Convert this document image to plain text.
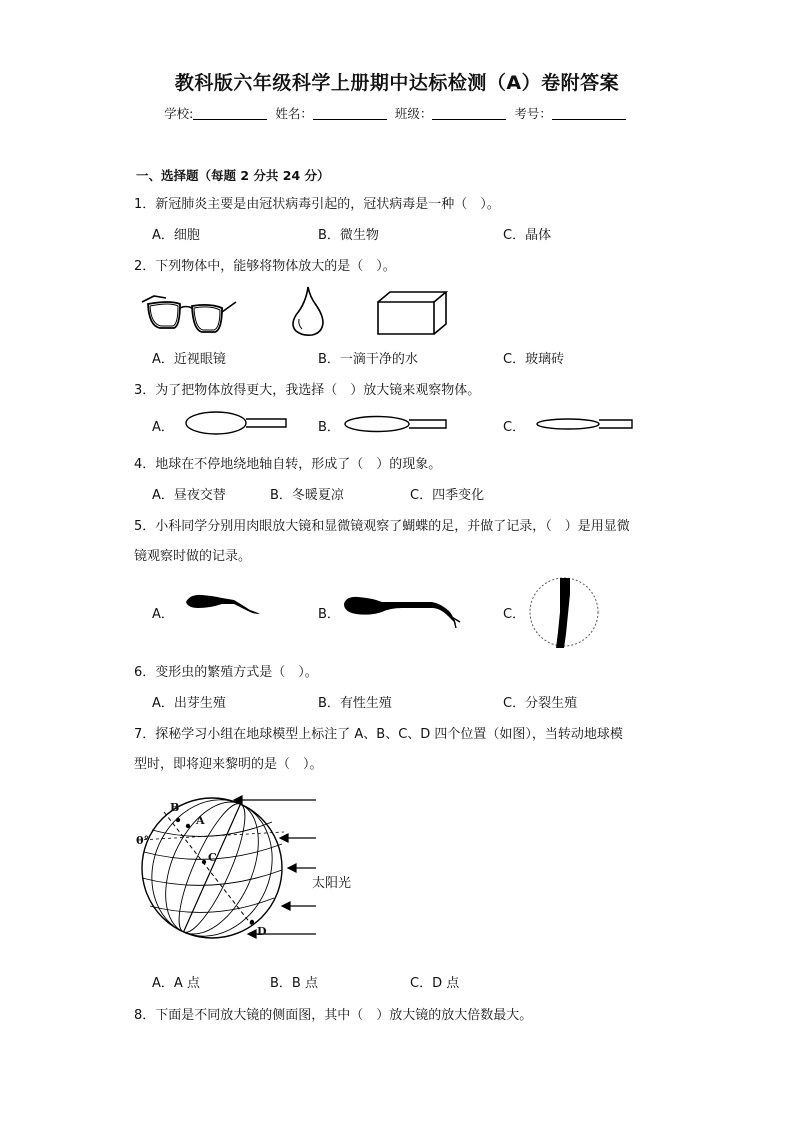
教科版六年级科学上册期中达标检测（A）卷附答案
学校:	姓名：	班级：	考号：
一、选择题（每题 2 分共 24 分）
1．新冠肺炎主要是由冠状病毒引起的，冠状病毒是一种（　）。
A．细胞	B．微生物	C．晶体
2．下列物体中，能够将物体放大的是（　）。
A．近视眼镜	B．一滴干净的水	C．玻璃砖
3．为了把物体放得更大，我选择（　）放大镜来观察物体。
A．	B．	C．
4．地球在不停地绕地轴自转，形成了（　）的现象。
A．昼夜交替	B．冬暖夏凉	C．四季变化
5．小科同学分别用肉眼放大镜和显微镜观察了蝴蝶的足，并做了记录，（　）是用显微
镜观察时做的记录。
A．	B．	C．
6．变形虫的繁殖方式是（　）。
A．出芽生殖	B．有性生殖	C．分裂生殖
7．探秘学习小组在地球模型上标注了 A、B、C、D 四个位置（如图），当转动地球模
型时，即将迎来黎明的是（　）。
B
A
C
D
0°
太阳光
A．A 点	B．B 点	C．D 点
8．下面是不同放大镜的侧面图，其中（　）放大镜的放大倍数最大。
